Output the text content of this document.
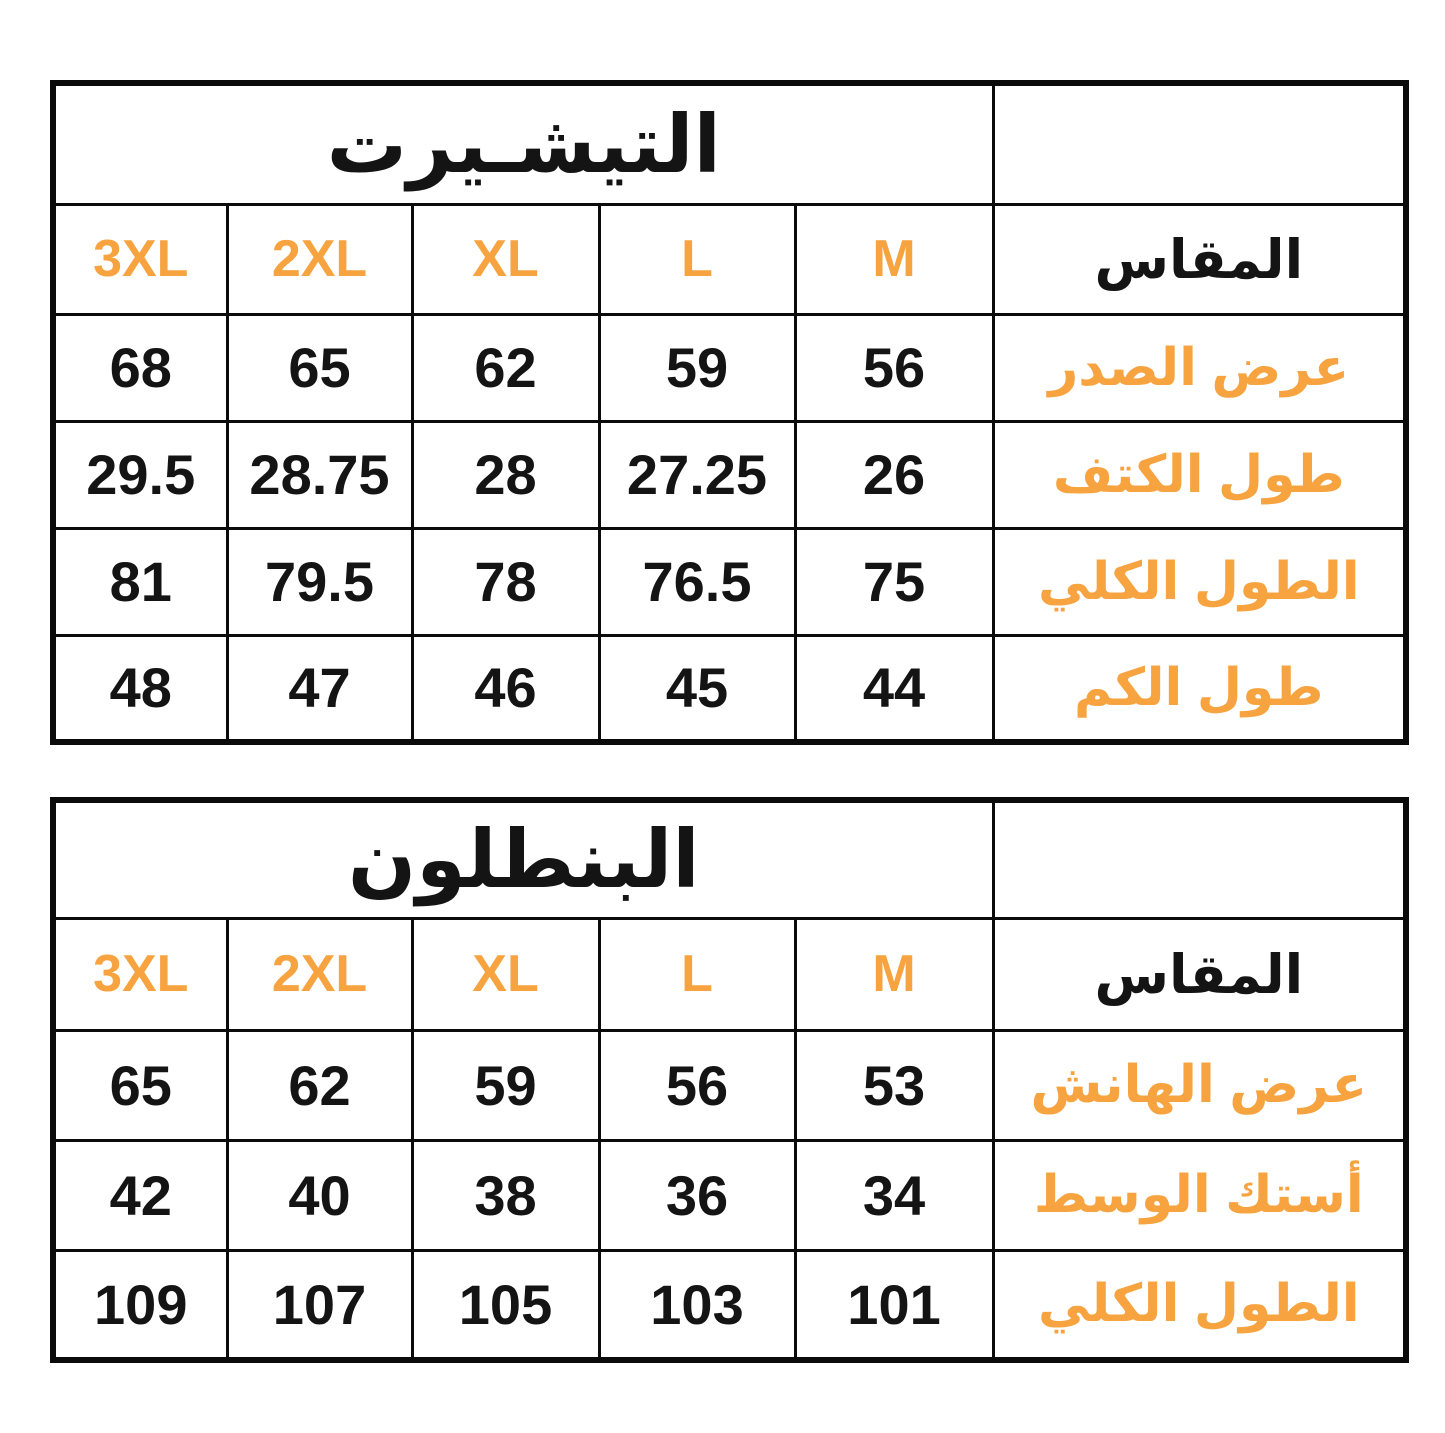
التيشـيرت					
3XL	2XL	XL	L	M	المقاس
68	65	62	59	56	عرض الصدر
29.5	28.75	28	27.25	26	طول الكتف
81	79.5	78	76.5	75	الطول الكلي
48	47	46	45	44	طول الكم
البنطلون					
3XL	2XL	XL	L	M	المقاس
65	62	59	56	53	عرض الهانش
42	40	38	36	34	أستك الوسط
109	107	105	103	101	الطول الكلي
